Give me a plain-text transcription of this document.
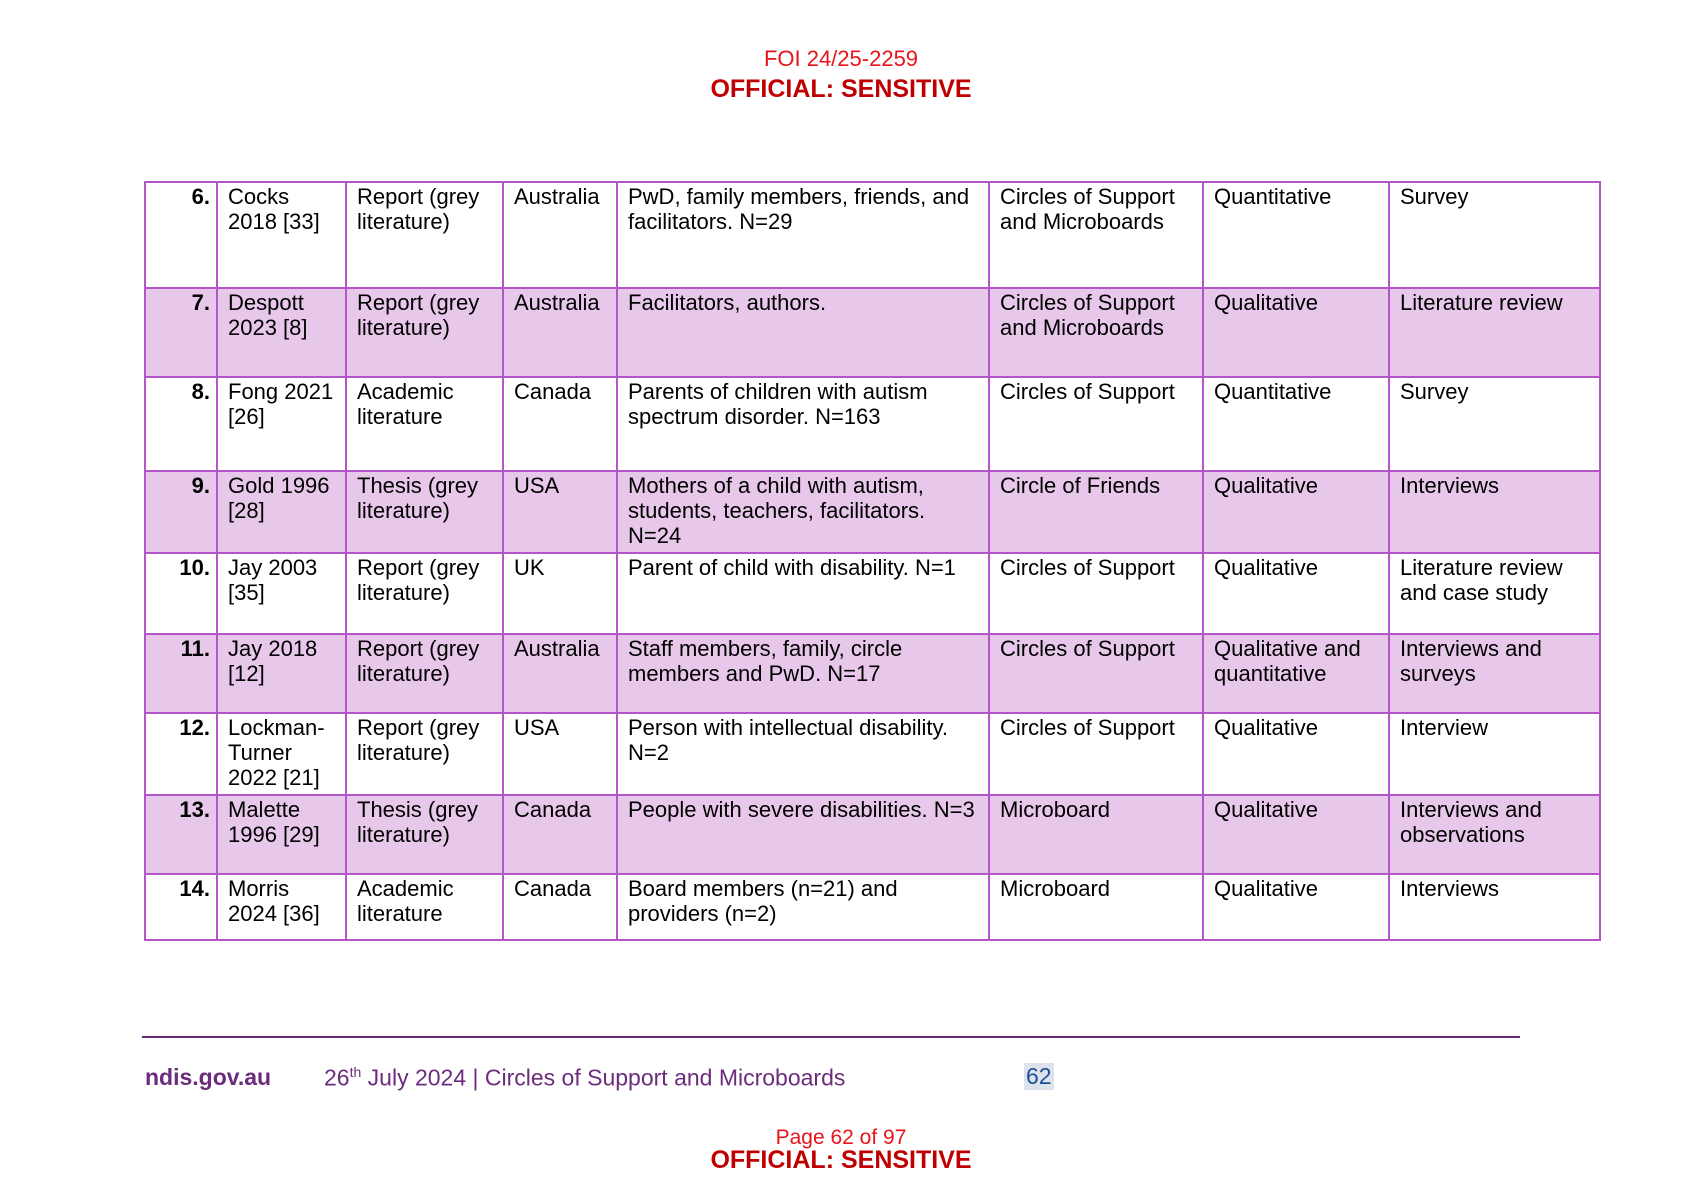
FOI 24/25-2259
OFFICIAL: SENSITIVE
6.	Cocks 2018 [33]	Report (grey literature)	Australia	PwD, family members, friends, and facilitators. N=29	Circles of Support and Microboards	Quantitative	Survey
7.	Despott 2023 [8]	Report (grey literature)	Australia	Facilitators, authors.	Circles of Support and Microboards	Qualitative	Literature review
8.	Fong 2021 [26]	Academic literature	Canada	Parents of children with autism spectrum disorder. N=163	Circles of Support	Quantitative	Survey
9.	Gold 1996 [28]	Thesis (grey literature)	USA	Mothers of a child with autism, students, teachers, facilitators. N=24	Circle of Friends	Qualitative	Interviews
10.	Jay 2003 [35]	Report (grey literature)	UK	Parent of child with disability. N=1	Circles of Support	Qualitative	Literature review and case study
11.	Jay 2018 [12]	Report (grey literature)	Australia	Staff members, family, circle members and PwD. N=17	Circles of Support	Qualitative and quantitative	Interviews and surveys
12.	Lockman-Turner 2022 [21]	Report (grey literature)	USA	Person with intellectual disability. N=2	Circles of Support	Qualitative	Interview
13.	Malette 1996 [29]	Thesis (grey literature)	Canada	People with severe disabilities. N=3	Microboard	Qualitative	Interviews and observations
14.	Morris 2024 [36]	Academic literature	Canada	Board members (n=21) and providers (n=2)	Microboard	Qualitative	Interviews
ndis.gov.au 26th July 2024 | Circles of Support and Microboards	62
Page 62 of 97
OFFICIAL: SENSITIVE
